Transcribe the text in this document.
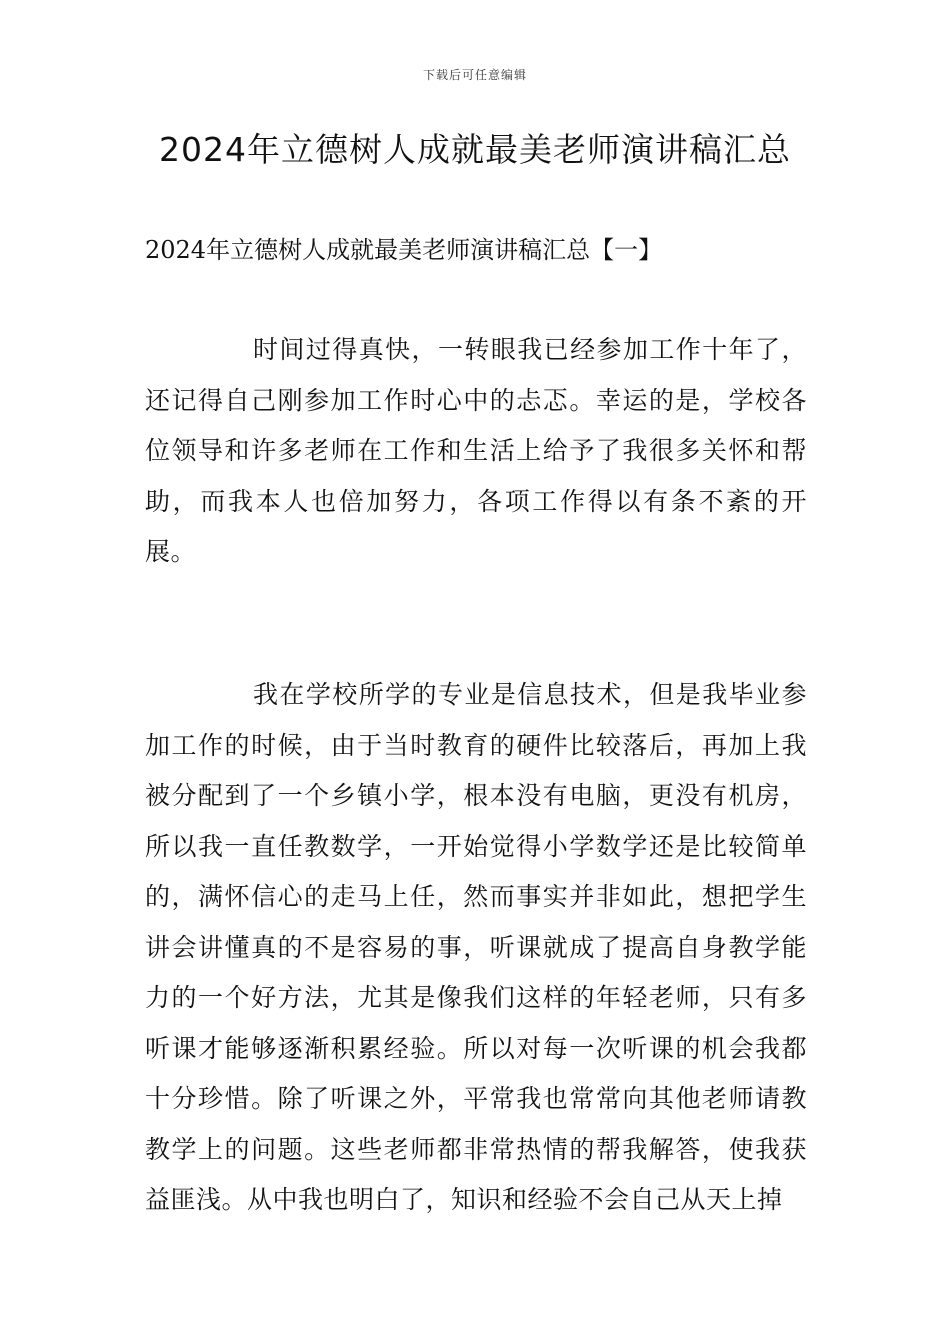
下载后可任意编辑
2024年立德树人成就最美老师演讲稿汇总

2024年立德树人成就最美老师演讲稿汇总【一】

时间过得真快，一转眼我已经参加工作十年了，还记得自己刚参加工作时心中的忐忑。幸运的是，学校各位领导和许多老师在工作和生活上给予了我很多关怀和帮助，而我本人也倍加努力，各项工作得以有条不紊的开展。

我在学校所学的专业是信息技术，但是我毕业参加工作的时候，由于当时教育的硬件比较落后，再加上我被分配到了一个乡镇小学，根本没有电脑，更没有机房，所以我一直任教数学，一开始觉得小学数学还是比较简单的，满怀信心的走马上任，然而事实并非如此，想把学生讲会讲懂真的不是容易的事，听课就成了提高自身教学能力的一个好方法，尤其是像我们这样的年轻老师，只有多听课才能够逐渐积累经验。所以对每一次听课的机会我都十分珍惜。除了听课之外，平常我也常常向其他老师请教教学上的问题。这些老师都非常热情的帮我解答，使我获益匪浅。从中我也明白了，知识和经验不会自己从天上掉
